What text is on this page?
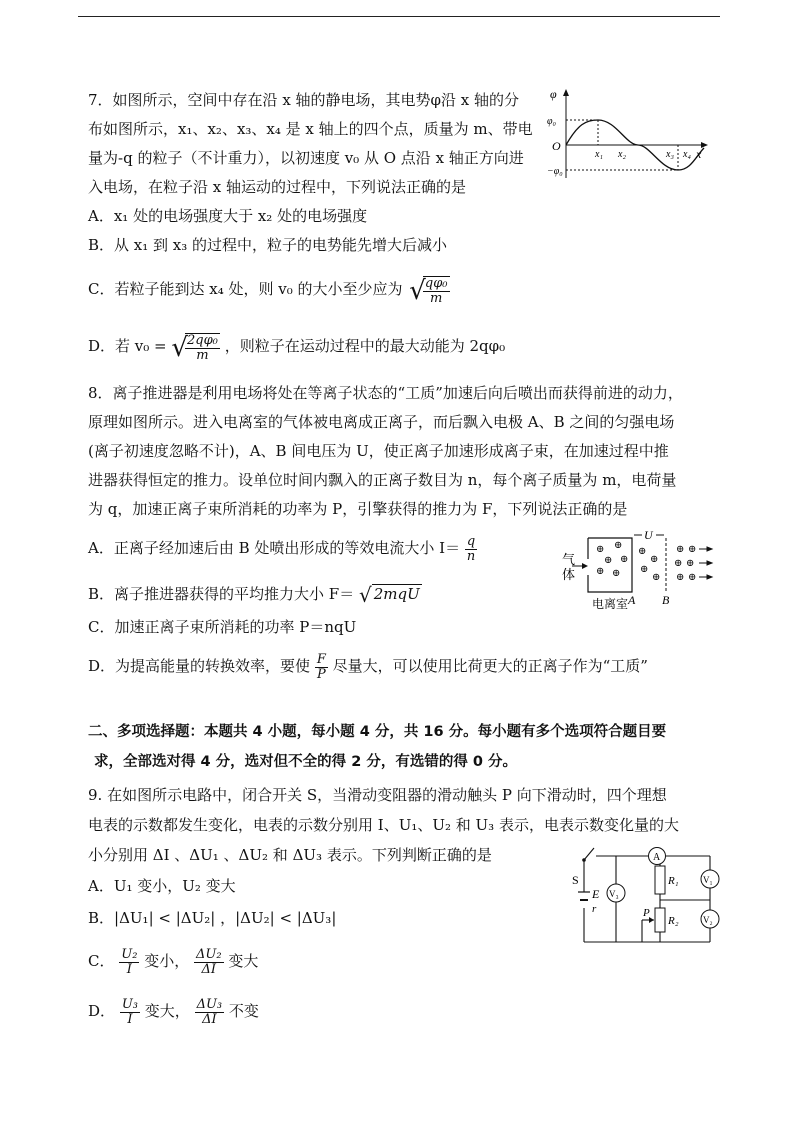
7．如图所示，空间中存在沿 x 轴的静电场，其电势φ沿 x 轴的分
布如图所示，x₁、x₂、x₃、x₄ 是 x 轴上的四个点，质量为 m、带电
量为-q 的粒子（不计重力），以初速度 v₀ 从 O 点沿 x 轴正方向进
入电场，在粒子沿 x 轴运动的过程中，下列说法正确的是
A．x₁ 处的电场强度大于 x₂ 处的电场强度
B．从 x₁ 到 x₃ 的过程中，粒子的电势能先增大后减小
C．若粒子能到达 x₄ 处，则 v₀ 的大小至少应为 √
$\frac{\text{qφ₀}}{m}$
D．若 v₀ = √
$\frac{\text{2qφ₀}}{m}$ ，则粒子在运动过程中的最大动能为 2qφ₀
φ
φ₀
−φ₀
O
x₁ x₂	x₃ x₄ x
8．离子推进器是利用电场将处在等离子状态的“工质”加速后向后喷出而获得前进的动力，
原理如图所示。进入电离室的气体被电离成正离子，而后飘入电极 A、B 之间的匀强电场
(离子初速度忽略不计)，A、B 间电压为 U，使正离子加速形成离子束，在加速过程中推
进器获得恒定的推力。设单位时间内飘入的正离子数目为 n，每个离子质量为 m，电荷量
为 q，加速正离子束所消耗的功率为 P，引擎获得的推力为 F，下列说法正确的是
A．正离子经加速后由 B 处喷出形成的等效电流大小 $I= \frac{q}{n}$
B．离子推进器获得的平均推力大小 F＝ √ 2mqU
C．加速正离子束所消耗的功率 P＝nqU
D．为提高能量的转换效率，要使 $\frac{F}{P}$ 尽量大，可以使用比荷更大的正离子作为“工质”
气
体
⊕ ⊕
⊕ ⊕
⊕ ⊕
⊕
⊕
⊕
⊕
⊕ ⊕
⊕ ⊕
⊕ ⊕
U
电离室 A B
二、多项选择题：本题共 4 小题，每小题 4 分，共 16 分。每小题有多个选项符合题目要
求，全部选对得 4 分，选对但不全的得 2 分，有选错的得 0 分。
9. 在如图所示电路中，闭合开关 S，当滑动变阻器的滑动触头 P 向下滑动时，四个理想
电表的示数都发生变化，电表的示数分别用 I、U₁、U₂ 和 U₃ 表示，电表示数变化量的大
小分别用 ΔI 、ΔU₁ 、ΔU₂ 和 ΔU₃ 表示。下列判断正确的是
A．U₁ 变小，U₂ 变大
B．|ΔU₁| < |ΔU₂| ，|ΔU₂| < |ΔU₃|
C． $\frac{\text{U₂}}{I}$ 变小， $\frac{\text{ΔU₂}}{\Delta I}$ 变大
D． $\frac{\text{U₃}}{I}$ 变大， $\frac{\text{ΔU₃}}{\Delta I}$ 不变
A
V₃
V₁
V₂
R₁
R₂
P
S
E
r
